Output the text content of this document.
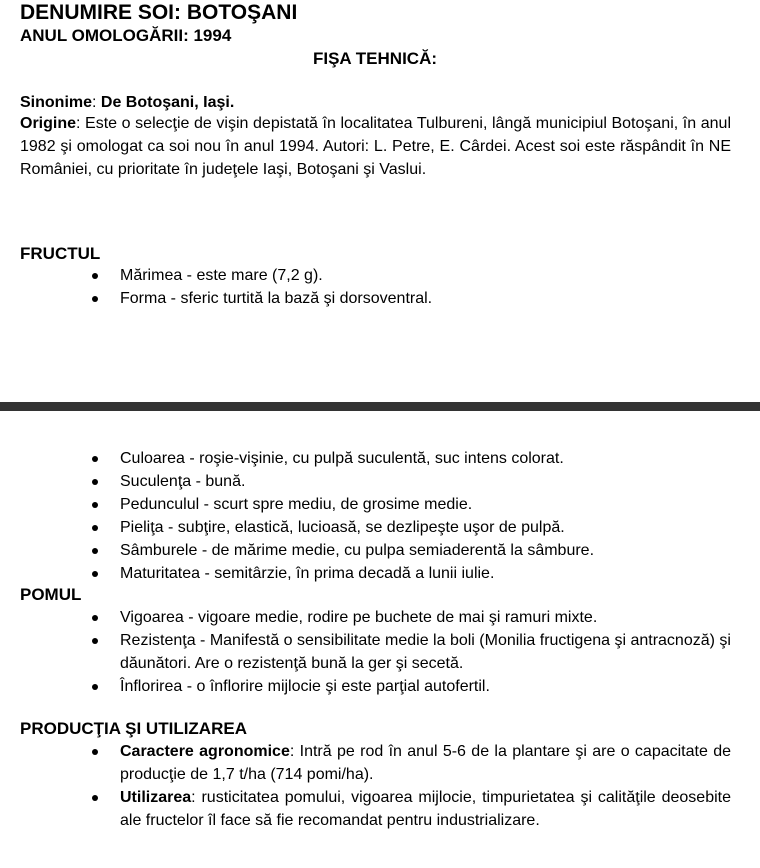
DENUMIRE SOI: BOTOŞANI
ANUL OMOLOGĂRII: 1994
FIŞA TEHNICĂ:
Sinonime: De Botoşani, Iaşi.
Origine: Este o selecţie de vişin depistată în localitatea Tulbureni, lângă municipiul Botoşani, în anul 1982 şi omologat ca soi nou în anul 1994. Autori: L. Petre, E. Cârdei. Acest soi este răspândit în NE României, cu prioritate în judeţele Iaşi, Botoşani şi Vaslui.
FRUCTUL
Mărimea - este mare (7,2 g).
Forma - sferic turtită la bază şi dorsoventral.
Culoarea - roşie-vişinie, cu pulpă suculentă, suc intens colorat.
Suculenţa - bună.
Pedunculul - scurt spre mediu, de grosime medie.
Pieliţa - subţire, elastică, lucioasă, se dezlipeşte uşor de pulpă.
Sâmburele - de mărime medie, cu pulpa semiaderentă la sâmbure.
Maturitatea - semitârzie, în prima decadă a lunii iulie.
POMUL
Vigoarea - vigoare medie, rodire pe buchete de mai şi ramuri mixte.
Rezistenţa - Manifestă o sensibilitate medie la boli (Monilia fructigena şi antracnoză) şi dăunători. Are o rezistenţă bună la ger şi secetă.
Înflorirea - o înflorire mijlocie şi este parţial autofertil.
PRODUCŢIA ŞI UTILIZAREA
Caractere agronomice: Intră pe rod în anul 5-6 de la plantare şi are o capacitate de producţie de 1,7 t/ha (714 pomi/ha).
Utilizarea: rusticitatea pomului, vigoarea mijlocie, timpurietatea şi calităţile deosebite ale fructelor îl face să fie recomandat pentru industrializare.
